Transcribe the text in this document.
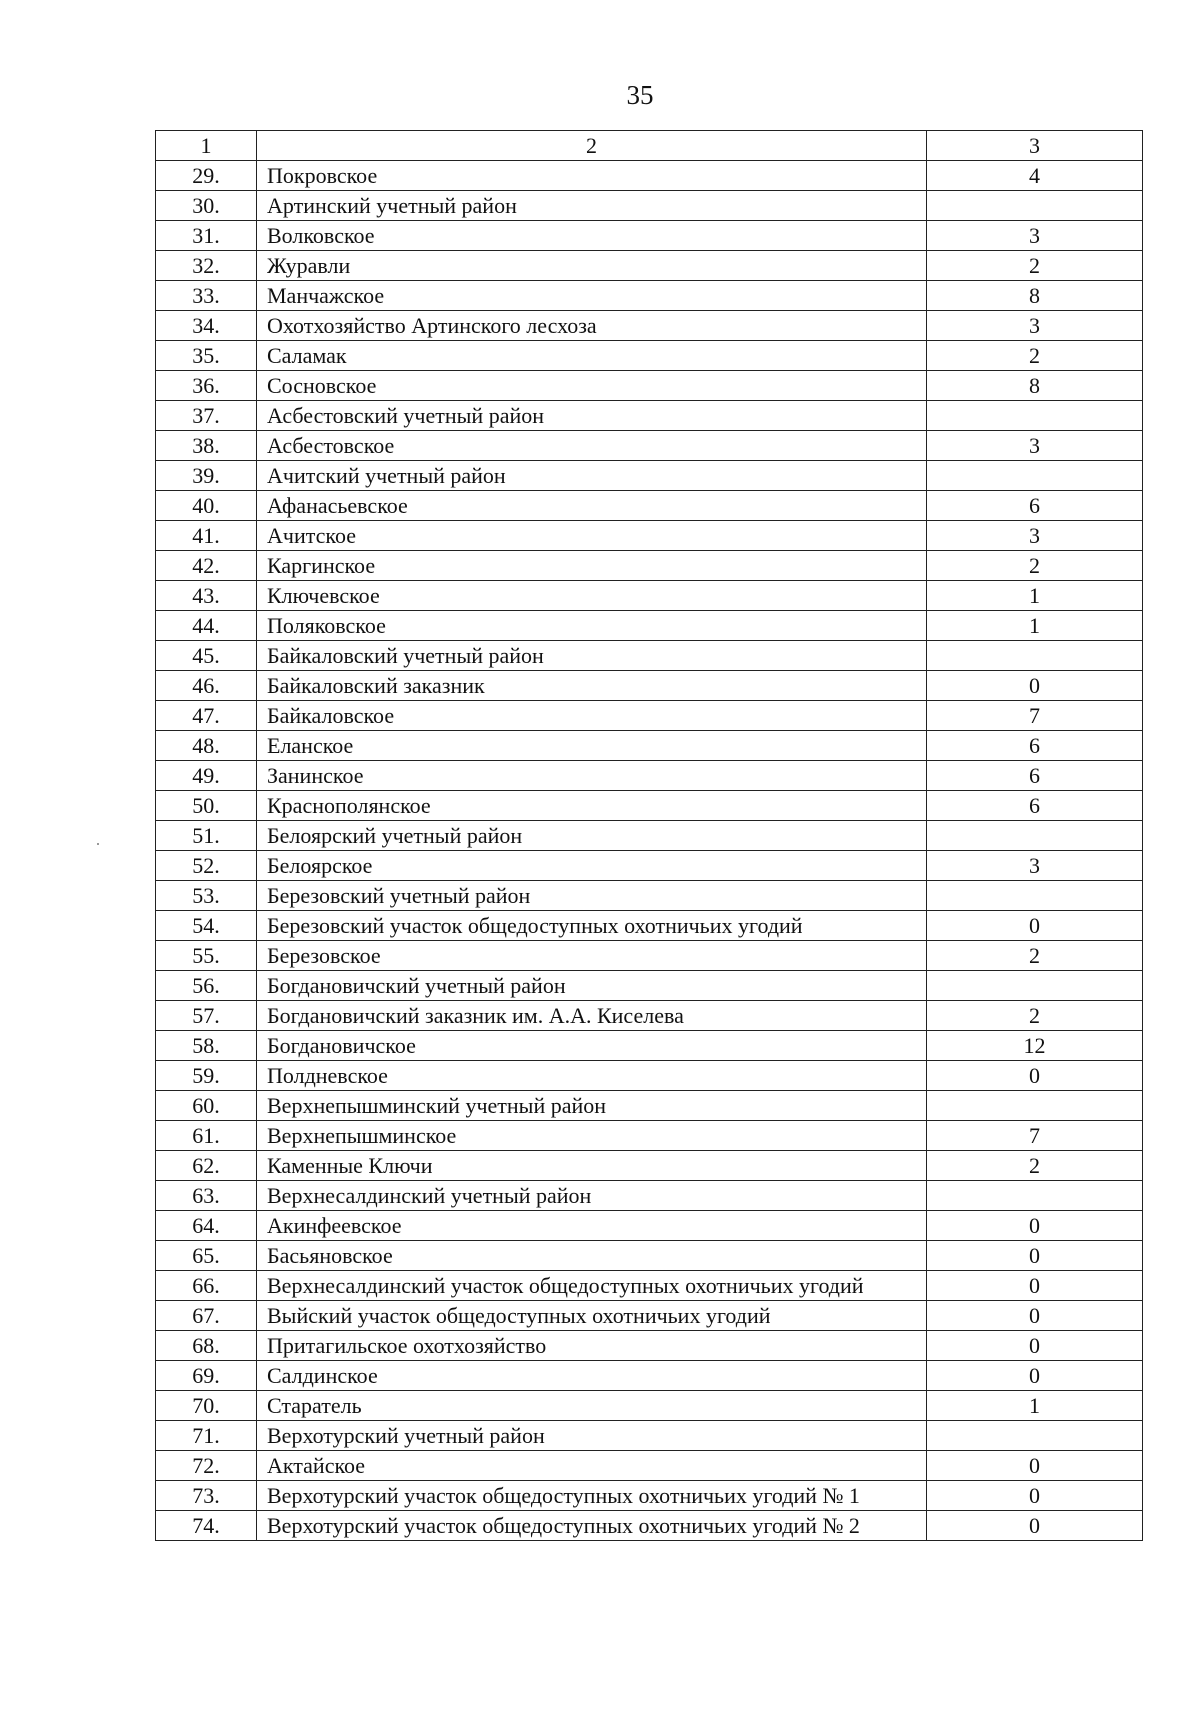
35
1	2	3
29.	Покровское	4
30.	Артинский учетный район	
31.	Волковское	3
32.	Журавли	2
33.	Манчажское	8
34.	Охотхозяйство Артинского лесхоза	3
35.	Саламак	2
36.	Сосновское	8
37.	Асбестовский учетный район	
38.	Асбестовское	3
39.	Ачитский учетный район	
40.	Афанасьевское	6
41.	Ачитское	3
42.	Каргинское	2
43.	Ключевское	1
44.	Поляковское	1
45.	Байкаловский учетный район	
46.	Байкаловский заказник	0
47.	Байкаловское	7
48.	Еланское	6
49.	Занинское	6
50.	Краснополянское	6
51.	Белоярский учетный район	
52.	Белоярское	3
53.	Березовский учетный район	
54.	Березовский участок общедоступных охотничьих угодий	0
55.	Березовское	2
56.	Богдановичский учетный район	
57.	Богдановичский заказник им. А.А. Киселева	2
58.	Богдановичское	12
59.	Полдневское	0
60.	Верхнепышминский учетный район	
61.	Верхнепышминское	7
62.	Каменные Ключи	2
63.	Верхнесалдинский учетный район	
64.	Акинфеевское	0
65.	Басьяновское	0
66.	Верхнесалдинский участок общедоступных охотничьих угодий	0
67.	Выйский участок общедоступных охотничьих угодий	0
68.	Притагильское охотхозяйство	0
69.	Салдинское	0
70.	Старатель	1
71.	Верхотурский учетный район	
72.	Актайское	0
73.	Верхотурский участок общедоступных охотничьих угодий № 1	0
74.	Верхотурский участок общедоступных охотничьих угодий № 2	0
